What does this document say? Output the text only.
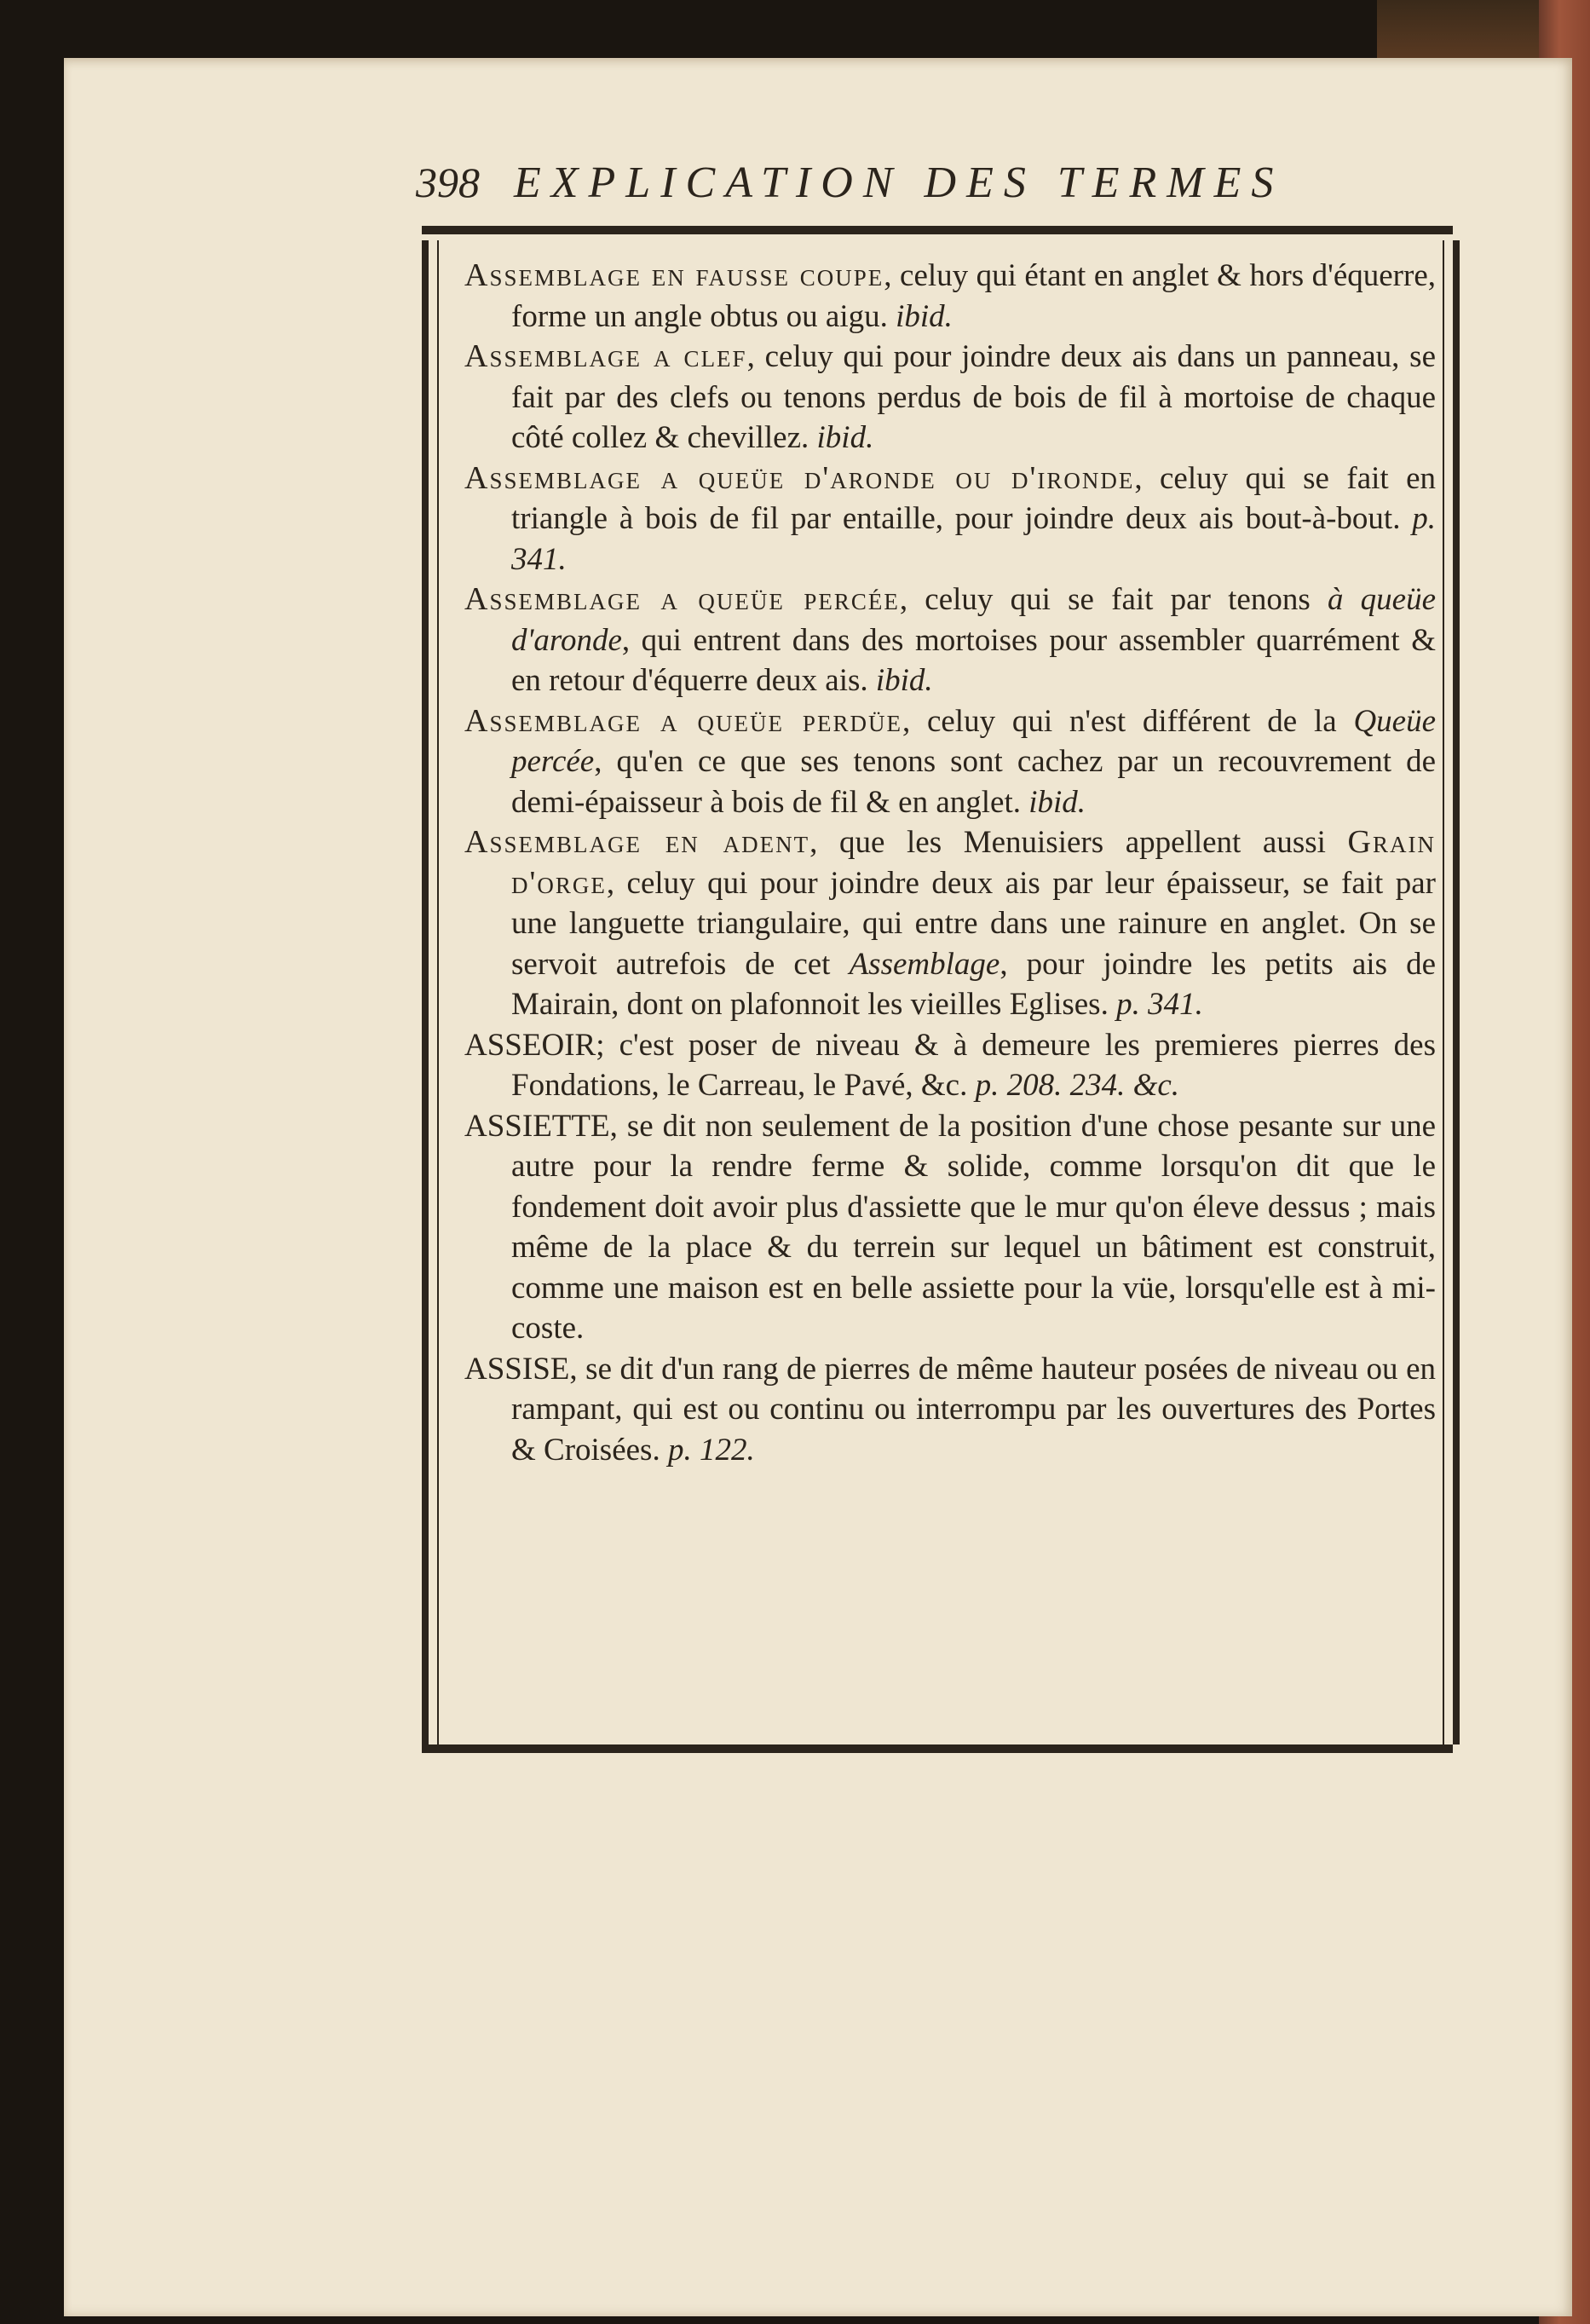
398 EXPLICATION DES TERMES

Assemblage en fausse coupe, celuy qui étant en anglet & hors d'équerre, forme un angle obtus ou aigu. ibid.

Assemblage a clef, celuy qui pour joindre deux ais dans un panneau, se fait par des clefs ou tenons perdus de bois de fil à mortoise de chaque côté collez & chevillez. ibid.

Assemblage a queüe d'aronde ou d'ironde, celuy qui se fait en triangle à bois de fil par entaille, pour joindre deux ais bout-à-bout. p. 341.

Assemblage a queüe percée, celuy qui se fait par tenons à queüe d'aronde, qui entrent dans des mortoises pour assembler quarrément & en retour d'équerre deux ais. ibid.

Assemblage a queüe perdüe, celuy qui n'est différent de la Queüe percée, qu'en ce que ses tenons sont cachez par un recouvrement de demi-épaisseur à bois de fil & en anglet. ibid.

Assemblage en adent, que les Menuisiers appellent aussi Grain d'orge, celuy qui pour joindre deux ais par leur épaisseur, se fait par une languette triangulaire, qui entre dans une rainure en anglet. On se servoit autrefois de cet Assemblage, pour joindre les petits ais de Mairain, dont on plafonnoit les vieilles Eglises. p. 341.

ASSEOIR; c'est poser de niveau & à demeure les premieres pierres des Fondations, le Carreau, le Pavé, &c. p. 208. 234. &c.

ASSIETTE, se dit non seulement de la position d'une chose pesante sur une autre pour la rendre ferme & solide, comme lorsqu'on dit que le fondement doit avoir plus d'assiette que le mur qu'on éleve dessus ; mais même de la place & du terrein sur lequel un bâtiment est construit, comme une maison est en belle assiette pour la vüe, lorsqu'elle est à mi-coste.

ASSISE, se dit d'un rang de pierres de même hauteur posées de niveau ou en rampant, qui est ou continu ou interrompu par les ouvertures des Portes & Croisées. p. 122.
